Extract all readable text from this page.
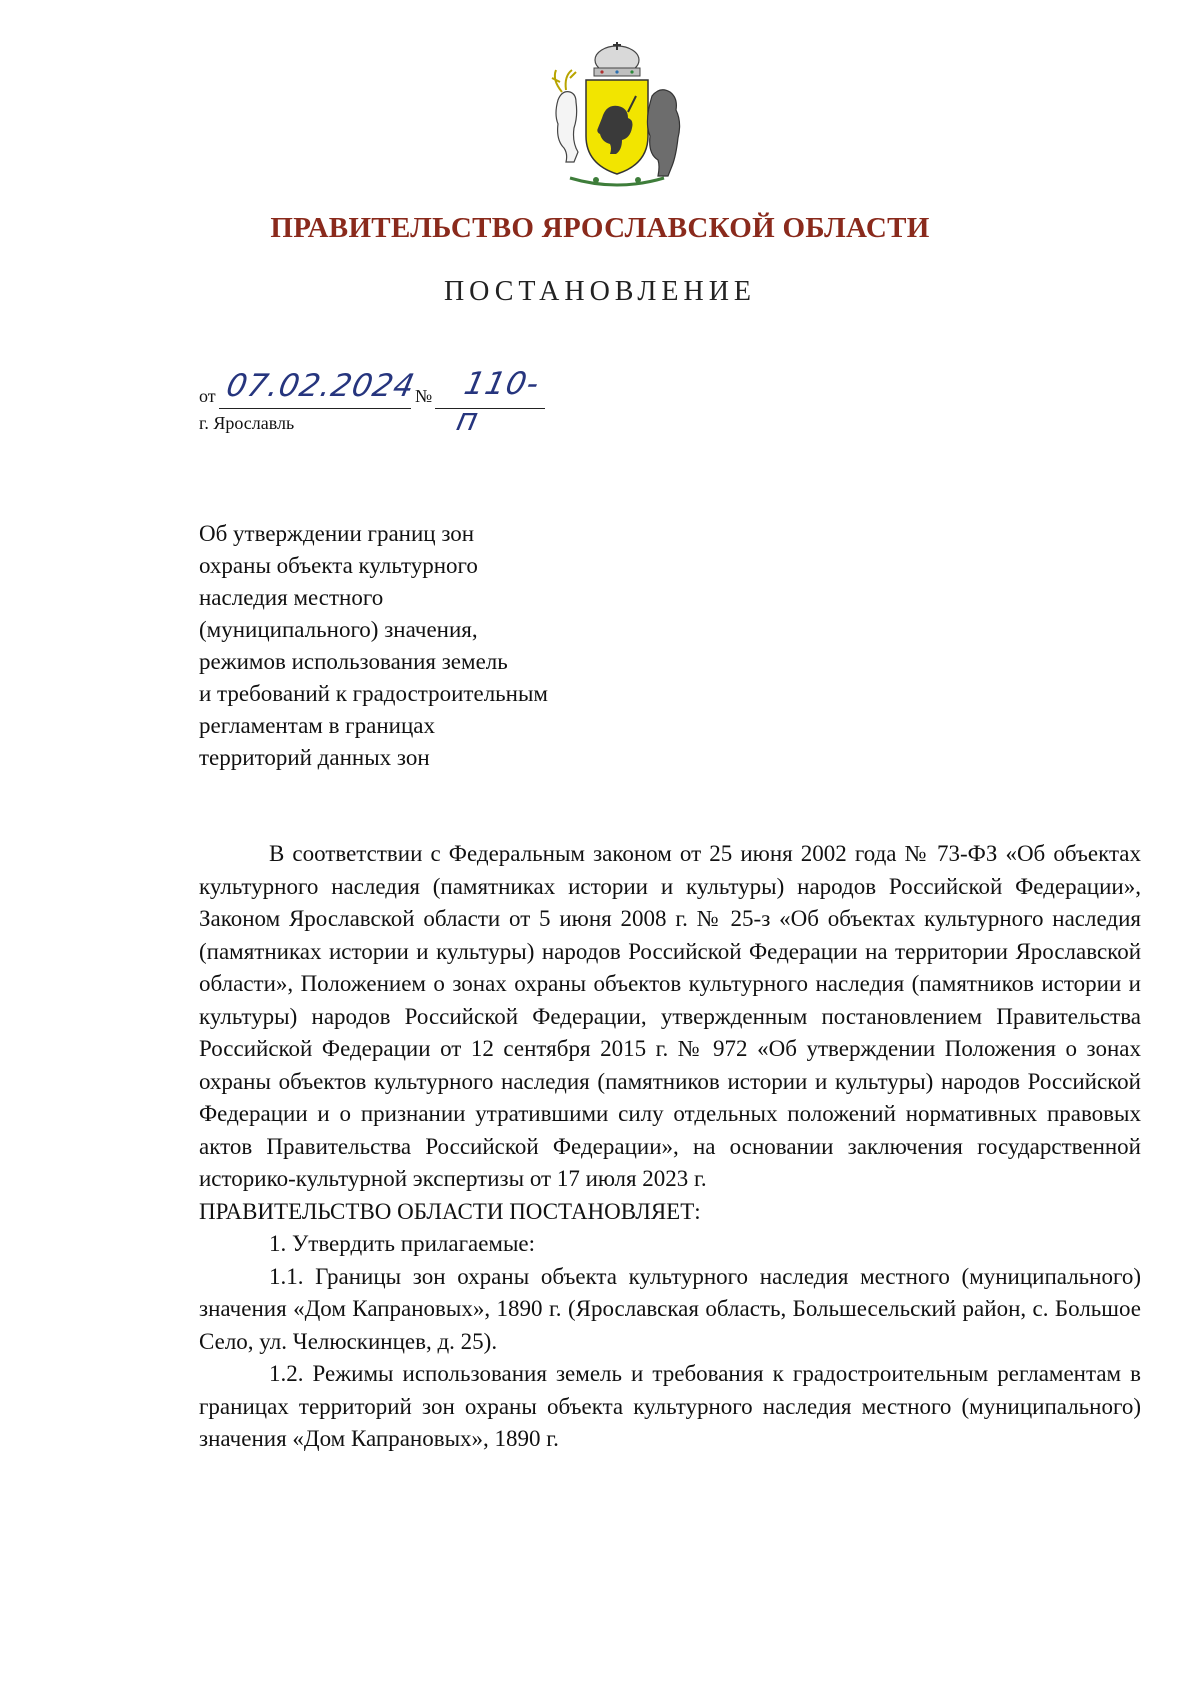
ПРАВИТЕЛЬСТВО ЯРОСЛАВСКОЙ ОБЛАСТИ
ПОСТАНОВЛЕНИЕ
от 07.02.2024
№ 110-п
г. Ярославль
Об утверждении границ зон
охраны объекта культурного
наследия местного
(муниципального) значения,
режимов использования земель
и требований к градостроительным
регламентам в границах
территорий данных зон

В соответствии с Федеральным законом от 25 июня 2002 года № 73-ФЗ «Об объектах культурного наследия (памятниках истории и культуры) народов Российской Федерации», Законом Ярославской области от 5 июня 2008 г. № 25-з «Об объектах культурного наследия (памятниках истории и культуры) народов Российской Федерации на территории Ярославской области», Положением о зонах охраны объектов культурного наследия (памятников истории и культуры) народов Российской Федерации, утвержденным постановлением Правительства Российской Федерации от 12 сентября 2015 г. № 972 «Об утверждении Положения о зонах охраны объектов культурного наследия (памятников истории и культуры) народов Российской Федерации и о признании утратившими силу отдельных положений нормативных правовых актов Правительства Российской Федерации», на основании заключения государственной историко-культурной экспертизы от 17 июля 2023 г.

ПРАВИТЕЛЬСТВО ОБЛАСТИ ПОСТАНОВЛЯЕТ:

1. Утвердить прилагаемые:

1.1. Границы зон охраны объекта культурного наследия местного (муниципального) значения «Дом Капрановых», 1890 г. (Ярославская область, Большесельский район, с. Большое Село, ул. Челюскинцев, д. 25).

1.2. Режимы использования земель и требования к градостроительным регламентам в границах территорий зон охраны объекта культурного наследия местного (муниципального) значения «Дом Капрановых», 1890 г.
